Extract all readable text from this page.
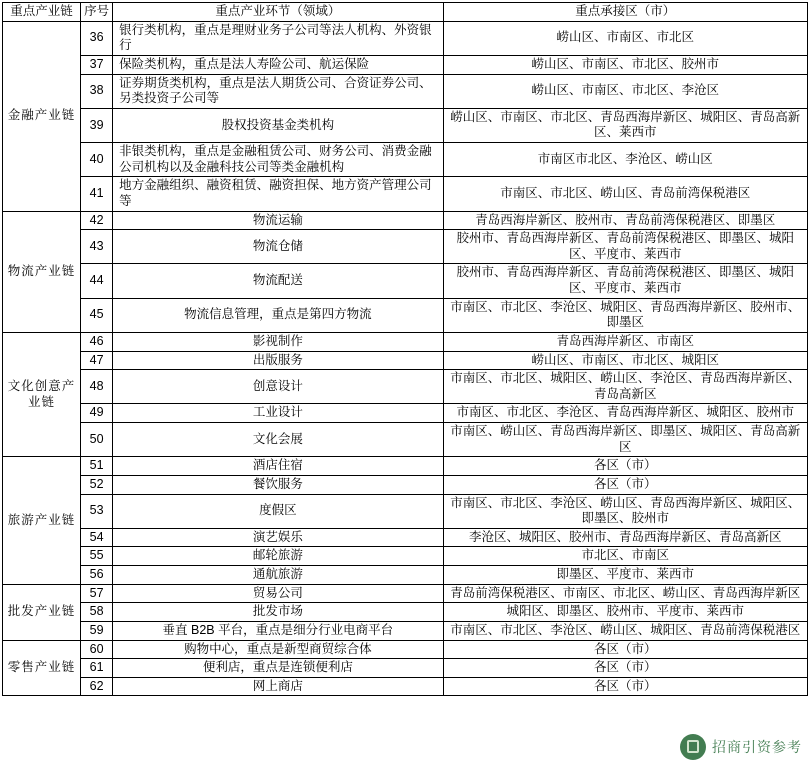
重点产业链	序号	重点产业环节（领域）	重点承接区（市）
金融产业链	36	银行类机构，重点是理财业务子公司等法人机构、外资银行	崂山区、市南区、市北区
	37	保险类机构，重点是法人寿险公司、航运保险	崂山区、市南区、市北区、胶州市
	38	证券期货类机构，重点是法人期货公司、合资证券公司、另类投资子公司等	崂山区、市南区、市北区、李沧区
	39	股权投资基金类机构	崂山区、市南区、市北区、青岛西海岸新区、城阳区、青岛高新区、莱西市
	40	非银类机构，重点是金融租赁公司、财务公司、消费金融公司机构以及金融科技公司等类金融机构	市南区市北区、李沧区、崂山区
	41	地方金融组织、融资租赁、融资担保、地方资产管理公司等	市南区、市北区、崂山区、青岛前湾保税港区
物流产业链	42	物流运输	青岛西海岸新区、胶州市、青岛前湾保税港区、即墨区
	43	物流仓储	胶州市、青岛西海岸新区、青岛前湾保税港区、即墨区、城阳区、平度市、莱西市
	44	物流配送	胶州市、青岛西海岸新区、青岛前湾保税港区、即墨区、城阳区、平度市、莱西市
	45	物流信息管理，重点是第四方物流	市南区、市北区、李沧区、城阳区、青岛西海岸新区、胶州市、即墨区
文化创意产业链	46	影视制作	青岛西海岸新区、市南区
	47	出版服务	崂山区、市南区、市北区、城阳区
	48	创意设计	市南区、市北区、城阳区、崂山区、李沧区、青岛西海岸新区、青岛高新区
	49	工业设计	市南区、市北区、李沧区、青岛西海岸新区、城阳区、胶州市
	50	文化会展	市南区、崂山区、青岛西海岸新区、即墨区、城阳区、青岛高新区
旅游产业链	51	酒店住宿	各区（市）
	52	餐饮服务	各区（市）
	53	度假区	市南区、市北区、李沧区、崂山区、青岛西海岸新区、城阳区、即墨区、胶州市
	54	演艺娱乐	李沧区、城阳区、胶州市、青岛西海岸新区、青岛高新区
	55	邮轮旅游	市北区、市南区
	56	通航旅游	即墨区、平度市、莱西市
批发产业链	57	贸易公司	青岛前湾保税港区、市南区、市北区、崂山区、青岛西海岸新区
	58	批发市场	城阳区、即墨区、胶州市、平度市、莱西市
	59	垂直 B2B 平台，重点是细分行业电商平台	市南区、市北区、李沧区、崂山区、城阳区、青岛前湾保税港区
零售产业链	60	购物中心，重点是新型商贸综合体	各区（市）
	61	便利店，重点是连锁便利店	各区（市）
	62	网上商店	各区（市）
招商引资参考
